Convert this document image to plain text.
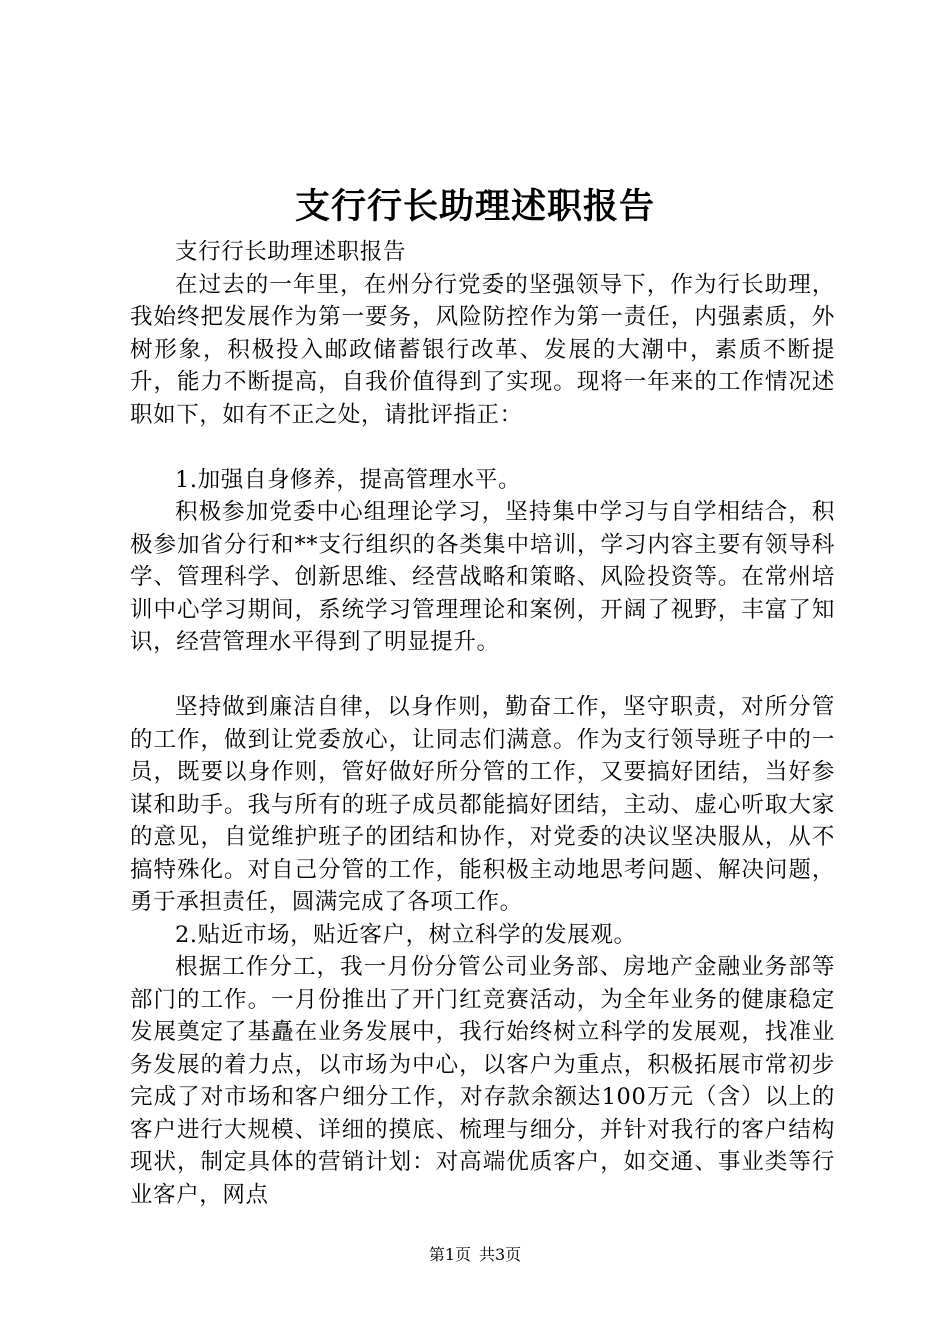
支行行长助理述职报告

支行行长助理述职报告

在过去的一年里，在州分行党委的坚强领导下，作为行长助理，我始终把发展作为第一要务，风险防控作为第一责任，内强素质，外树形象，积极投入邮政储蓄银行改革、发展的大潮中，素质不断提升，能力不断提高，自我价值得到了实现。现将一年来的工作情况述职如下，如有不正之处，请批评指正：

1.加强自身修养，提高管理水平。

积极参加党委中心组理论学习，坚持集中学习与自学相结合，积极参加省分行和**支行组织的各类集中培训，学习内容主要有领导科学、管理科学、创新思维、经营战略和策略、风险投资等。在常州培训中心学习期间，系统学习管理理论和案例，开阔了视野，丰富了知识，经营管理水平得到了明显提升。

坚持做到廉洁自律，以身作则，勤奋工作，坚守职责，对所分管的工作，做到让党委放心，让同志们满意。作为支行领导班子中的一员，既要以身作则，管好做好所分管的工作，又要搞好团结，当好参谋和助手。我与所有的班子成员都能搞好团结，主动、虚心听取大家的意见，自觉维护班子的团结和协作，对党委的决议坚决服从，从不搞特殊化。对自己分管的工作，能积极主动地思考问题、解决问题，勇于承担责任，圆满完成了各项工作。

2.贴近市场，贴近客户，树立科学的发展观。

根据工作分工，我一月份分管公司业务部、房地产金融业务部等部门的工作。一月份推出了开门红竞赛活动，为全年业务的健康稳定发展奠定了基矗在业务发展中，我行始终树立科学的发展观，找准业务发展的着力点，以市场为中心，以客户为重点，积极拓展市常初步完成了对市场和客户细分工作，对存款余额达100万元（含）以上的客户进行大规模、详细的摸底、梳理与细分，并针对我行的客户结构现状，制定具体的营销计划：对高端优质客户，如交通、事业类等行业客户，网点

第1页 共3页
